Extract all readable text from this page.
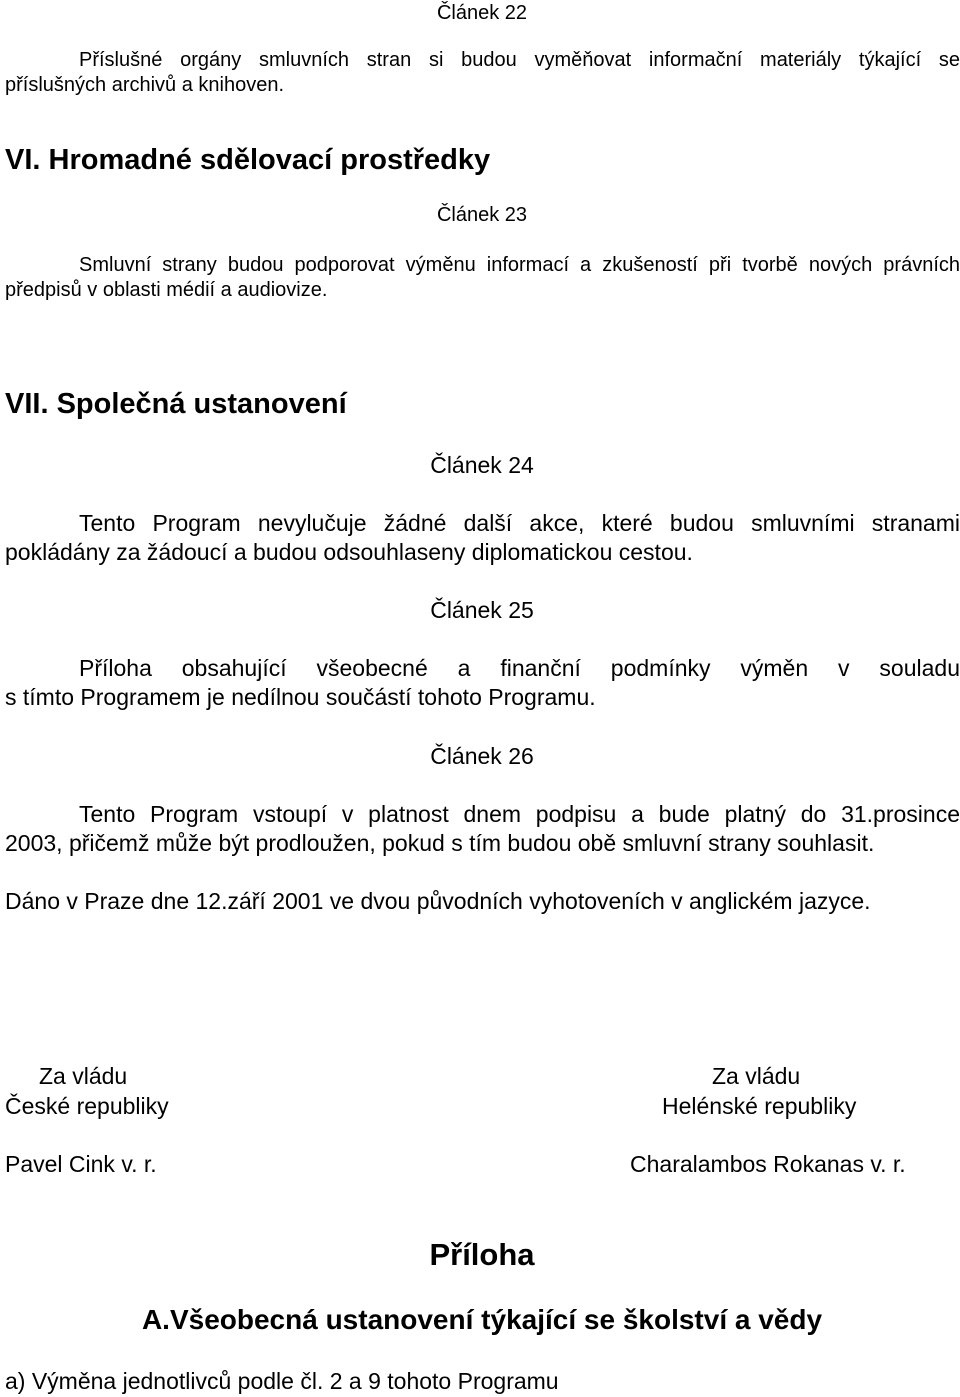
Článek 22
Příslušné orgány smluvních stran si budou vyměňovat informační materiály týkající se
příslušných archivů a knihoven.
VI. Hromadné sdělovací prostředky
Článek 23
Smluvní strany budou podporovat výměnu informací a zkušeností při tvorbě nových právních
předpisů v oblasti médií a audiovize.
VII. Společná ustanovení
Článek 24
Tento Program nevylučuje žádné další akce, které budou smluvními stranami
pokládány za žádoucí a budou odsouhlaseny diplomatickou cestou.
Článek 25
Příloha obsahující všeobecné a finanční podmínky výměn v souladu
s tímto Programem je nedílnou součástí tohoto Programu.
Článek 26
Tento Program vstoupí v platnost dnem podpisu a bude platný do 31.prosince
2003, přičemž může být prodloužen, pokud s tím budou obě smluvní strany souhlasit.
Dáno v Praze dne 12.září 2001 ve dvou původních vyhotoveních v anglickém jazyce.
Za vládu
České republiky
Pavel Cink v. r.
Za vládu
Helénské republiky
Charalambos Rokanas v. r.
Příloha
A.Všeobecná ustanovení týkající se školství a vědy
a) Výměna jednotlivců podle čl. 2 a 9 tohoto Programu
